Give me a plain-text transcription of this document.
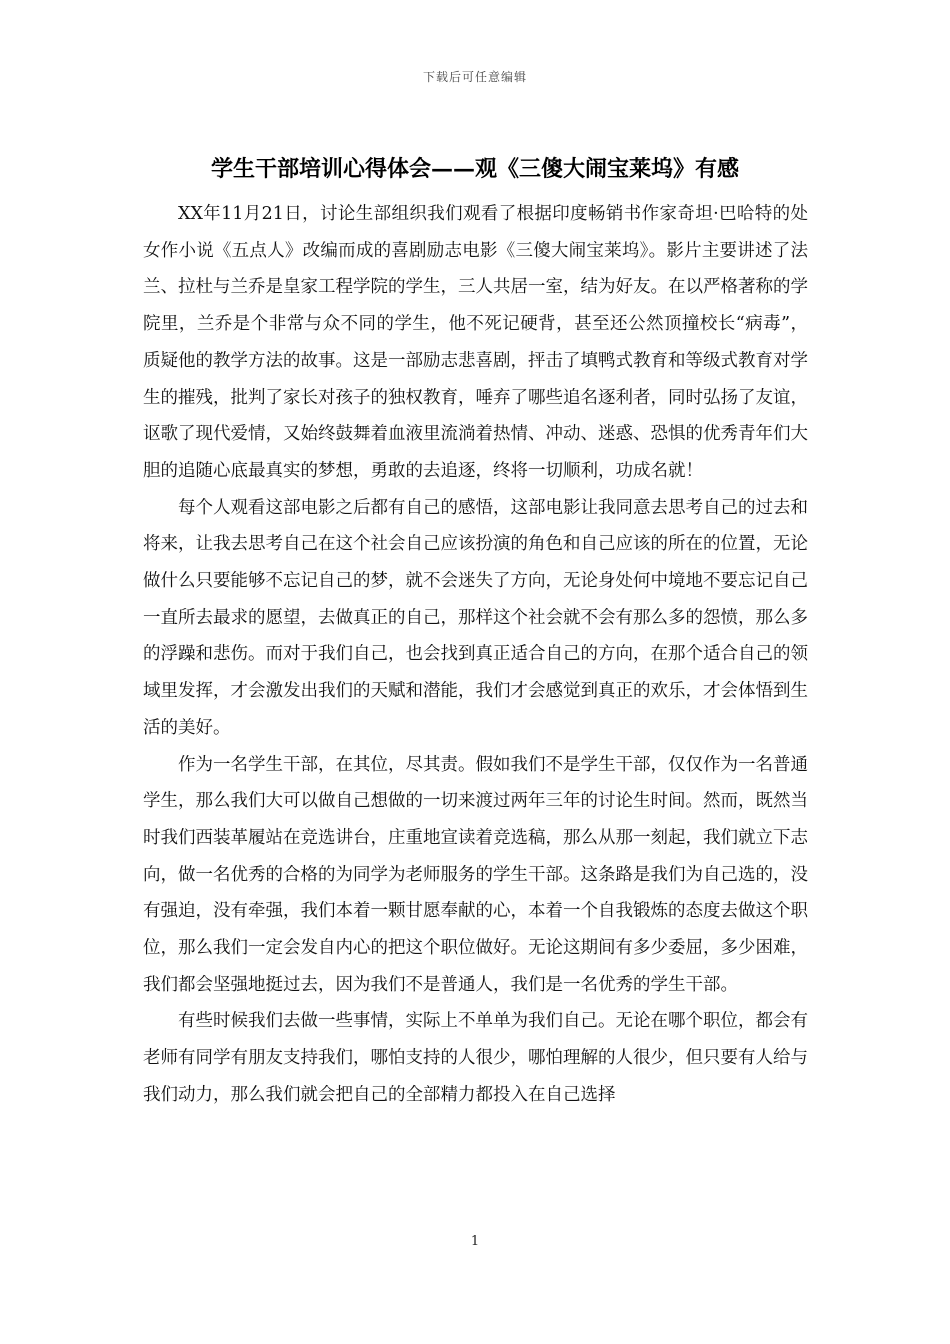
下载后可任意编辑
学生干部培训心得体会——观《三傻大闹宝莱坞》有感

XX年11月21日，讨论生部组织我们观看了根据印度畅销书作家奇坦·巴哈特的处女作小说《五点人》改编而成的喜剧励志电影《三傻大闹宝莱坞》。影片主要讲述了法兰、拉杜与兰乔是皇家工程学院的学生，三人共居一室，结为好友。在以严格著称的学院里，兰乔是个非常与众不同的学生，他不死记硬背，甚至还公然顶撞校长“病毒”，质疑他的教学方法的故事。这是一部励志悲喜剧，抨击了填鸭式教育和等级式教育对学生的摧残，批判了家长对孩子的独权教育，唾弃了哪些追名逐利者，同时弘扬了友谊，讴歌了现代爱情，又始终鼓舞着血液里流淌着热情、冲动、迷惑、恐惧的优秀青年们大胆的追随心底最真实的梦想，勇敢的去追逐，终将一切顺利，功成名就！

每个人观看这部电影之后都有自己的感悟，这部电影让我同意去思考自己的过去和将来，让我去思考自己在这个社会自己应该扮演的角色和自己应该的所在的位置，无论做什么只要能够不忘记自己的梦，就不会迷失了方向，无论身处何中境地不要忘记自己一直所去最求的愿望，去做真正的自己，那样这个社会就不会有那么多的怨愤，那么多的浮躁和悲伤。而对于我们自己，也会找到真正适合自己的方向，在那个适合自己的领域里发挥，才会激发出我们的天赋和潜能，我们才会感觉到真正的欢乐，才会体悟到生活的美好。

作为一名学生干部，在其位，尽其责。假如我们不是学生干部，仅仅作为一名普通学生，那么我们大可以做自己想做的一切来渡过两年三年的讨论生时间。然而，既然当时我们西装革履站在竞选讲台，庄重地宣读着竞选稿，那么从那一刻起，我们就立下志向，做一名优秀的合格的为同学为老师服务的学生干部。这条路是我们为自己选的，没有强迫，没有牵强，我们本着一颗甘愿奉献的心，本着一个自我锻炼的态度去做这个职位，那么我们一定会发自内心的把这个职位做好。无论这期间有多少委屈，多少困难，我们都会坚强地挺过去，因为我们不是普通人，我们是一名优秀的学生干部。

有些时候我们去做一些事情，实际上不单单为我们自己。无论在哪个职位，都会有老师有同学有朋友支持我们，哪怕支持的人很少，哪怕理解的人很少，但只要有人给与我们动力，那么我们就会把自己的全部精力都投入在自己选择

1
